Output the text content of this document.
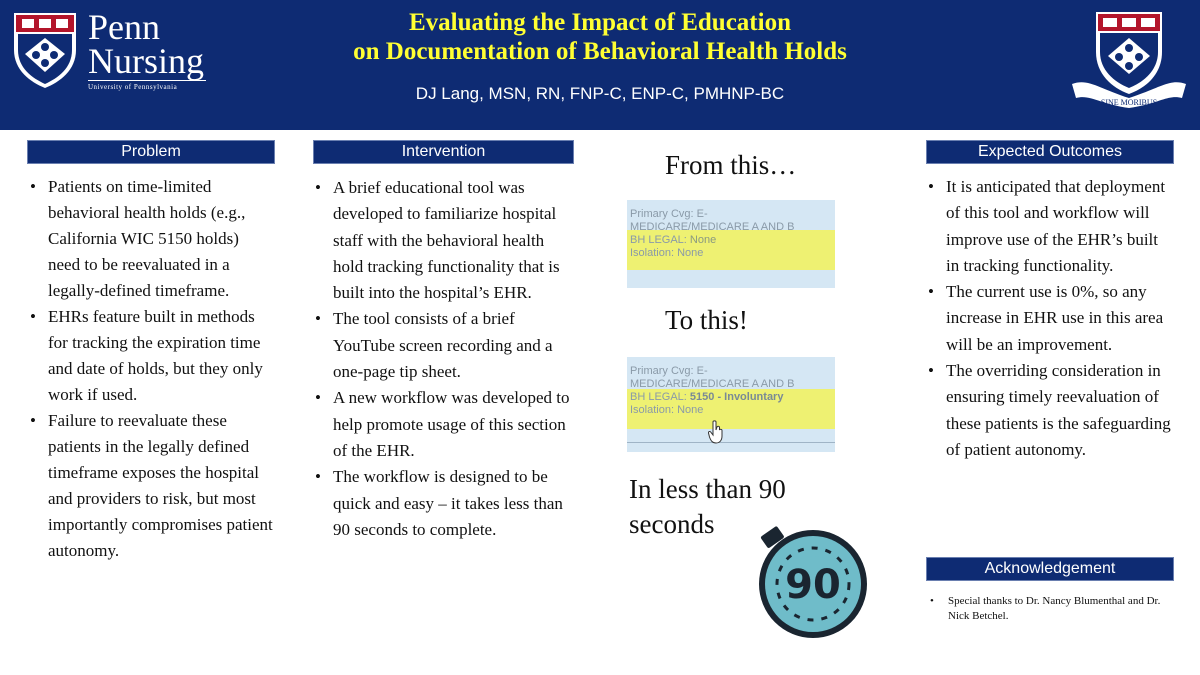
Penn
Nursing
University of Pennsylvania
Evaluating the Impact of Education
on Documentation of Behavioral Health Holds
DJ Lang, MSN, RN, FNP-C, ENP-C, PMHNP-BC	SINE MORIBUS
Problem
• Patients on time-limited behavioral health holds (e.g., California WIC 5150 holds) need to be reevaluated in a legally-defined timeframe.
• EHRs feature built in methods for tracking the expiration time and date of holds, but they only work if used.
• Failure to reevaluate these patients in the legally defined timeframe exposes the hospital and providers to risk, but most importantly compromises patient autonomy.
Intervention
• A brief educational tool was developed to familiarize hospital staff with the behavioral health hold tracking functionality that is built into the hospital’s EHR.
• The tool consists of a brief YouTube screen recording and a one-page tip sheet.
• A new workflow was developed to help promote usage of this section of the EHR.
• The workflow is designed to be quick and easy – it takes less than 90 seconds to complete.
From this…
Primary Cvg: E-
MEDICARE/MEDICARE A AND B
BH LEGAL: None
Isolation: None
To this!
Primary Cvg: E-
MEDICARE/MEDICARE A AND B
BH LEGAL: 5150 - Involuntary
Isolation: None
In less than 90 seconds
90
Expected Outcomes
• It is anticipated that deployment of this tool and workflow will improve use of the EHR’s built in tracking functionality.
• The current use is 0%, so any increase in EHR use in this area will be an improvement.
• The overriding consideration in ensuring timely reevaluation of these patients is the safeguarding of patient autonomy.
Acknowledgement
• Special thanks to Dr. Nancy Blumenthal and Dr. Nick Betchel.
